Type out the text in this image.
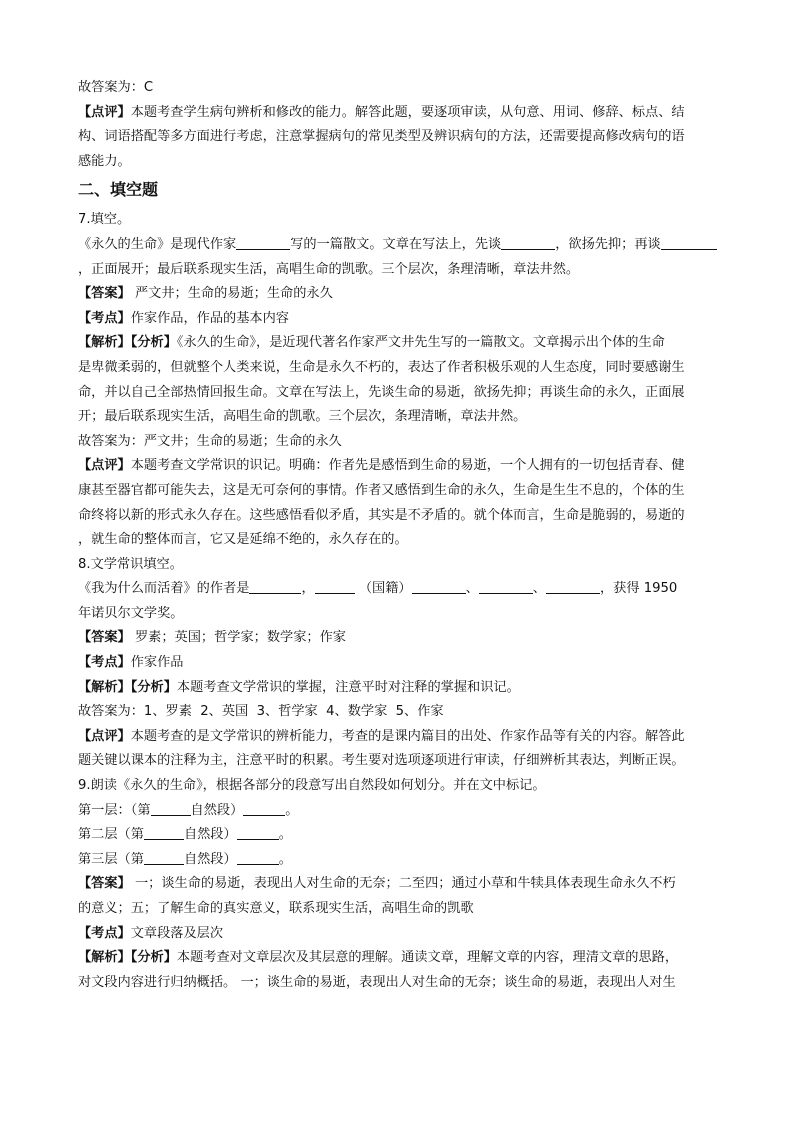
故答案为：C

【点评】本题考查学生病句辨析和修改的能力。解答此题，要逐项审读，从句意、用词、修辞、标点、结

构、词语搭配等多方面进行考虑，注意掌握病句的常见类型及辨识病句的方法，还需要提高修改病句的语

感能力。

二、填空题

7.填空。

《永久的生命》是现代作家	写的一篇散文。文章在写法上，先谈	，欲扬先抑；再谈

，正面展开；最后联系现实生活，高唱生命的凯歌。三个层次，条理清晰，章法井然。

【答案】 严文井；生命的易逝；生命的永久

【考点】作家作品，作品的基本内容

【解析】【分析】《永久的生命》，是近现代著名作家严文井先生写的一篇散文。文章揭示出个体的生命

是卑微柔弱的，但就整个人类来说，生命是永久不朽的，表达了作者积极乐观的人生态度，同时要感谢生

命，并以自己全部热情回报生命。文章在写法上，先谈生命的易逝，欲扬先抑；再谈生命的永久，正面展

开；最后联系现实生活，高唱生命的凯歌。三个层次，条理清晰，章法井然。

故答案为：严文井；生命的易逝；生命的永久

【点评】本题考查文学常识的识记。明确：作者先是感悟到生命的易逝，一个人拥有的一切包括青春、健

康甚至器官都可能失去，这是无可奈何的事情。作者又感悟到生命的永久，生命是生生不息的，个体的生

命终将以新的形式永久存在。这些感悟看似矛盾，其实是不矛盾的。就个体而言，生命是脆弱的，易逝的

，就生命的整体而言，它又是延绵不绝的，永久存在的。

8.文学常识填空。

《我为什么而活着》的作者是	，	（国籍）	、	、	，获得 1950

年诺贝尔文学奖。

【答案】 罗素；英国；哲学家；数学家；作家

【考点】作家作品

【解析】【分析】本题考查文学常识的掌握，注意平时对注释的掌握和识记。

故答案为：1、罗素  2、英国  3、哲学家  4、数学家  5、作家

【点评】本题考查的是文学常识的辨析能力，考查的是课内篇目的出处、作家作品等有关的内容。解答此

题关键以课本的注释为主，注意平时的积累。考生要对选项逐项进行审读，仔细辨析其表达，判断正误。

9.朗读《永久的生命》，根据各部分的段意写出自然段如何划分。并在文中标记。

第一层：（第	自然段）	。

第二层（第	自然段）	。

第三层（第	自然段）	。

【答案】 一；谈生命的易逝，表现出人对生命的无奈；二至四；通过小草和牛犊具体表现生命永久不朽

的意义；五；了解生命的真实意义，联系现实生活，高唱生命的凯歌

【考点】文章段落及层次

【解析】【分析】本题考查对文章层次及其层意的理解。通读文章，理解文章的内容，理清文章的思路，

对文段内容进行归纳概括。 一；谈生命的易逝，表现出人对生命的无奈；谈生命的易逝，表现出人对生
